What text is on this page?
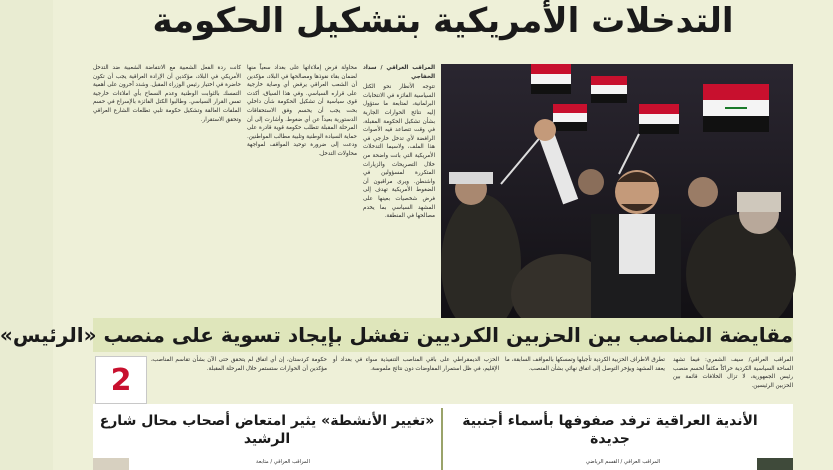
التدخلات الأمريكية بتشكيل الحكومة

المراقب العراقي / سداد الخفاجي

تتوجه الأنظار نحو الكتل السياسية الفائزة في الانتخابات البرلمانية، لمتابعة ما ستؤول إليه نتائج الحوارات الجارية بشأن تشكيل الحكومة المقبلة، في وقت تتصاعد فيه الأصوات الرافضة لأي تدخل خارجي في هذا الملف، ولاسيما التدخلات الأمريكية التي باتت واضحة من خلال التصريحات والزيارات المتكررة لمسؤولين في واشنطن. ويرى مراقبون أن الضغوط الأمريكية تهدف إلى فرض شخصيات بعينها على المشهد السياسي بما يخدم مصالحها في المنطقة.

محاولة فرض إملاءاتها على بغداد سعياً منها لضمان بقاء نفوذها ومصالحها في البلاد، مؤكدين أن الشعب العراقي يرفض أي وصاية خارجية على قراره السياسي. وفي هذا السياق، أكدت قوى سياسية أن تشكيل الحكومة شأن داخلي بحت يجب أن يحسم وفق الاستحقاقات الدستورية بعيداً عن أي ضغوط. وأشارت إلى أن المرحلة المقبلة تتطلب حكومة قوية قادرة على حماية السيادة الوطنية وتلبية مطالب المواطنين. ودعت إلى ضرورة توحيد المواقف لمواجهة محاولات التدخل.

كانت ردة الفعل الشعبية مع الانتفاضة الشعبية ضد التدخل الأمريكي في البلاد، مؤكدين أن الإرادة العراقية يجب أن تكون حاضرة في اختيار رئيس الوزراء المقبل. وشدد آخرون على أهمية التمسك بالثوابت الوطنية وعدم السماح بأي املاءات خارجية تمس القرار السياسي. وطالبوا الكتل الفائزة بالإسراع في حسم الملفات العالقة وتشكيل حكومة تلبي تطلعات الشارع العراقي وتحقق الاستقرار.

مقايضة المناصب بين الحزبين الكرديين تفشل بإيجاد تسوية على منصب «الرئيس»

المراقب العراقي/ سيف الشمري: فيما تشهد الساحة السياسية الكردية حراكاً مكثفاً لحسم منصب رئيس الجمهورية، لا تزال الخلافات قائمة بين الحزبين الرئيسين.

تطرق الاطراف الحزبية الكردية تأجيلها وتمسكها بالمواقف السابقة، ما يعقد المشهد ويؤخر التوصل إلى اتفاق نهائي بشأن المنصب.

الحزب الديمقراطي على باقي المناصب التنفيذية سواء في بغداد أو الإقليم، في ظل استمرار المفاوضات دون نتائج ملموسة.

حكومة كردستان، إن أي اتفاق لم يتحقق حتى الآن بشأن تقاسم المناصب، مؤكدين أن الحوارات ستستمر خلال المرحلة المقبلة.

2
الأندية العراقية ترفد صفوفها بأسماء أجنبية جديدة
المراقب العراقي / القسم الرياضي
«تغيير الأنشطة» يثير امتعاض أصحاب محال شارع الرشيد
المراقب العراقي / متابعة
